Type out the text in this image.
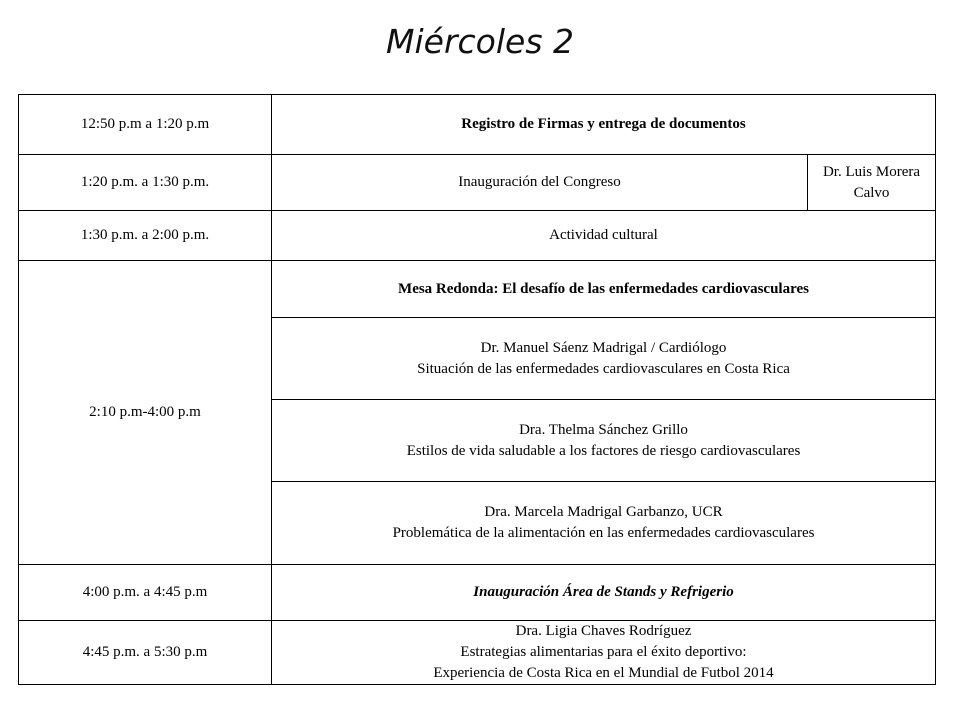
Miércoles 2
12:50 p.m a 1:20 p.m	Registro de Firmas y entrega de documentos	
1:20 p.m. a 1:30 p.m.	Inauguración del Congreso	Dr. Luis Morera Calvo
1:30 p.m. a 2:00 p.m.	Actividad cultural	
2:10 p.m-4:00 p.m	Mesa Redonda: El desafío de las enfermedades cardiovasculares	

	Dr. Manuel Sáenz Madrigal / Cardiólogo
Situación de las enfermedades cardiovasculares en Costa Rica	

	Dra. Thelma Sánchez Grillo
Estilos de vida saludable a los factores de riesgo cardiovasculares	

	Dra. Marcela Madrigal Garbanzo, UCR
Problemática de la alimentación en las enfermedades cardiovasculares	

4:00 p.m. a 4:45 p.m	Inauguración Área de Stands y Refrigerio	
4:45 p.m. a 5:30 p.m	Dra. Ligia Chaves Rodríguez
Estrategias alimentarias para el éxito deportivo:
Experiencia de Costa Rica en el Mundial de Futbol 2014	
